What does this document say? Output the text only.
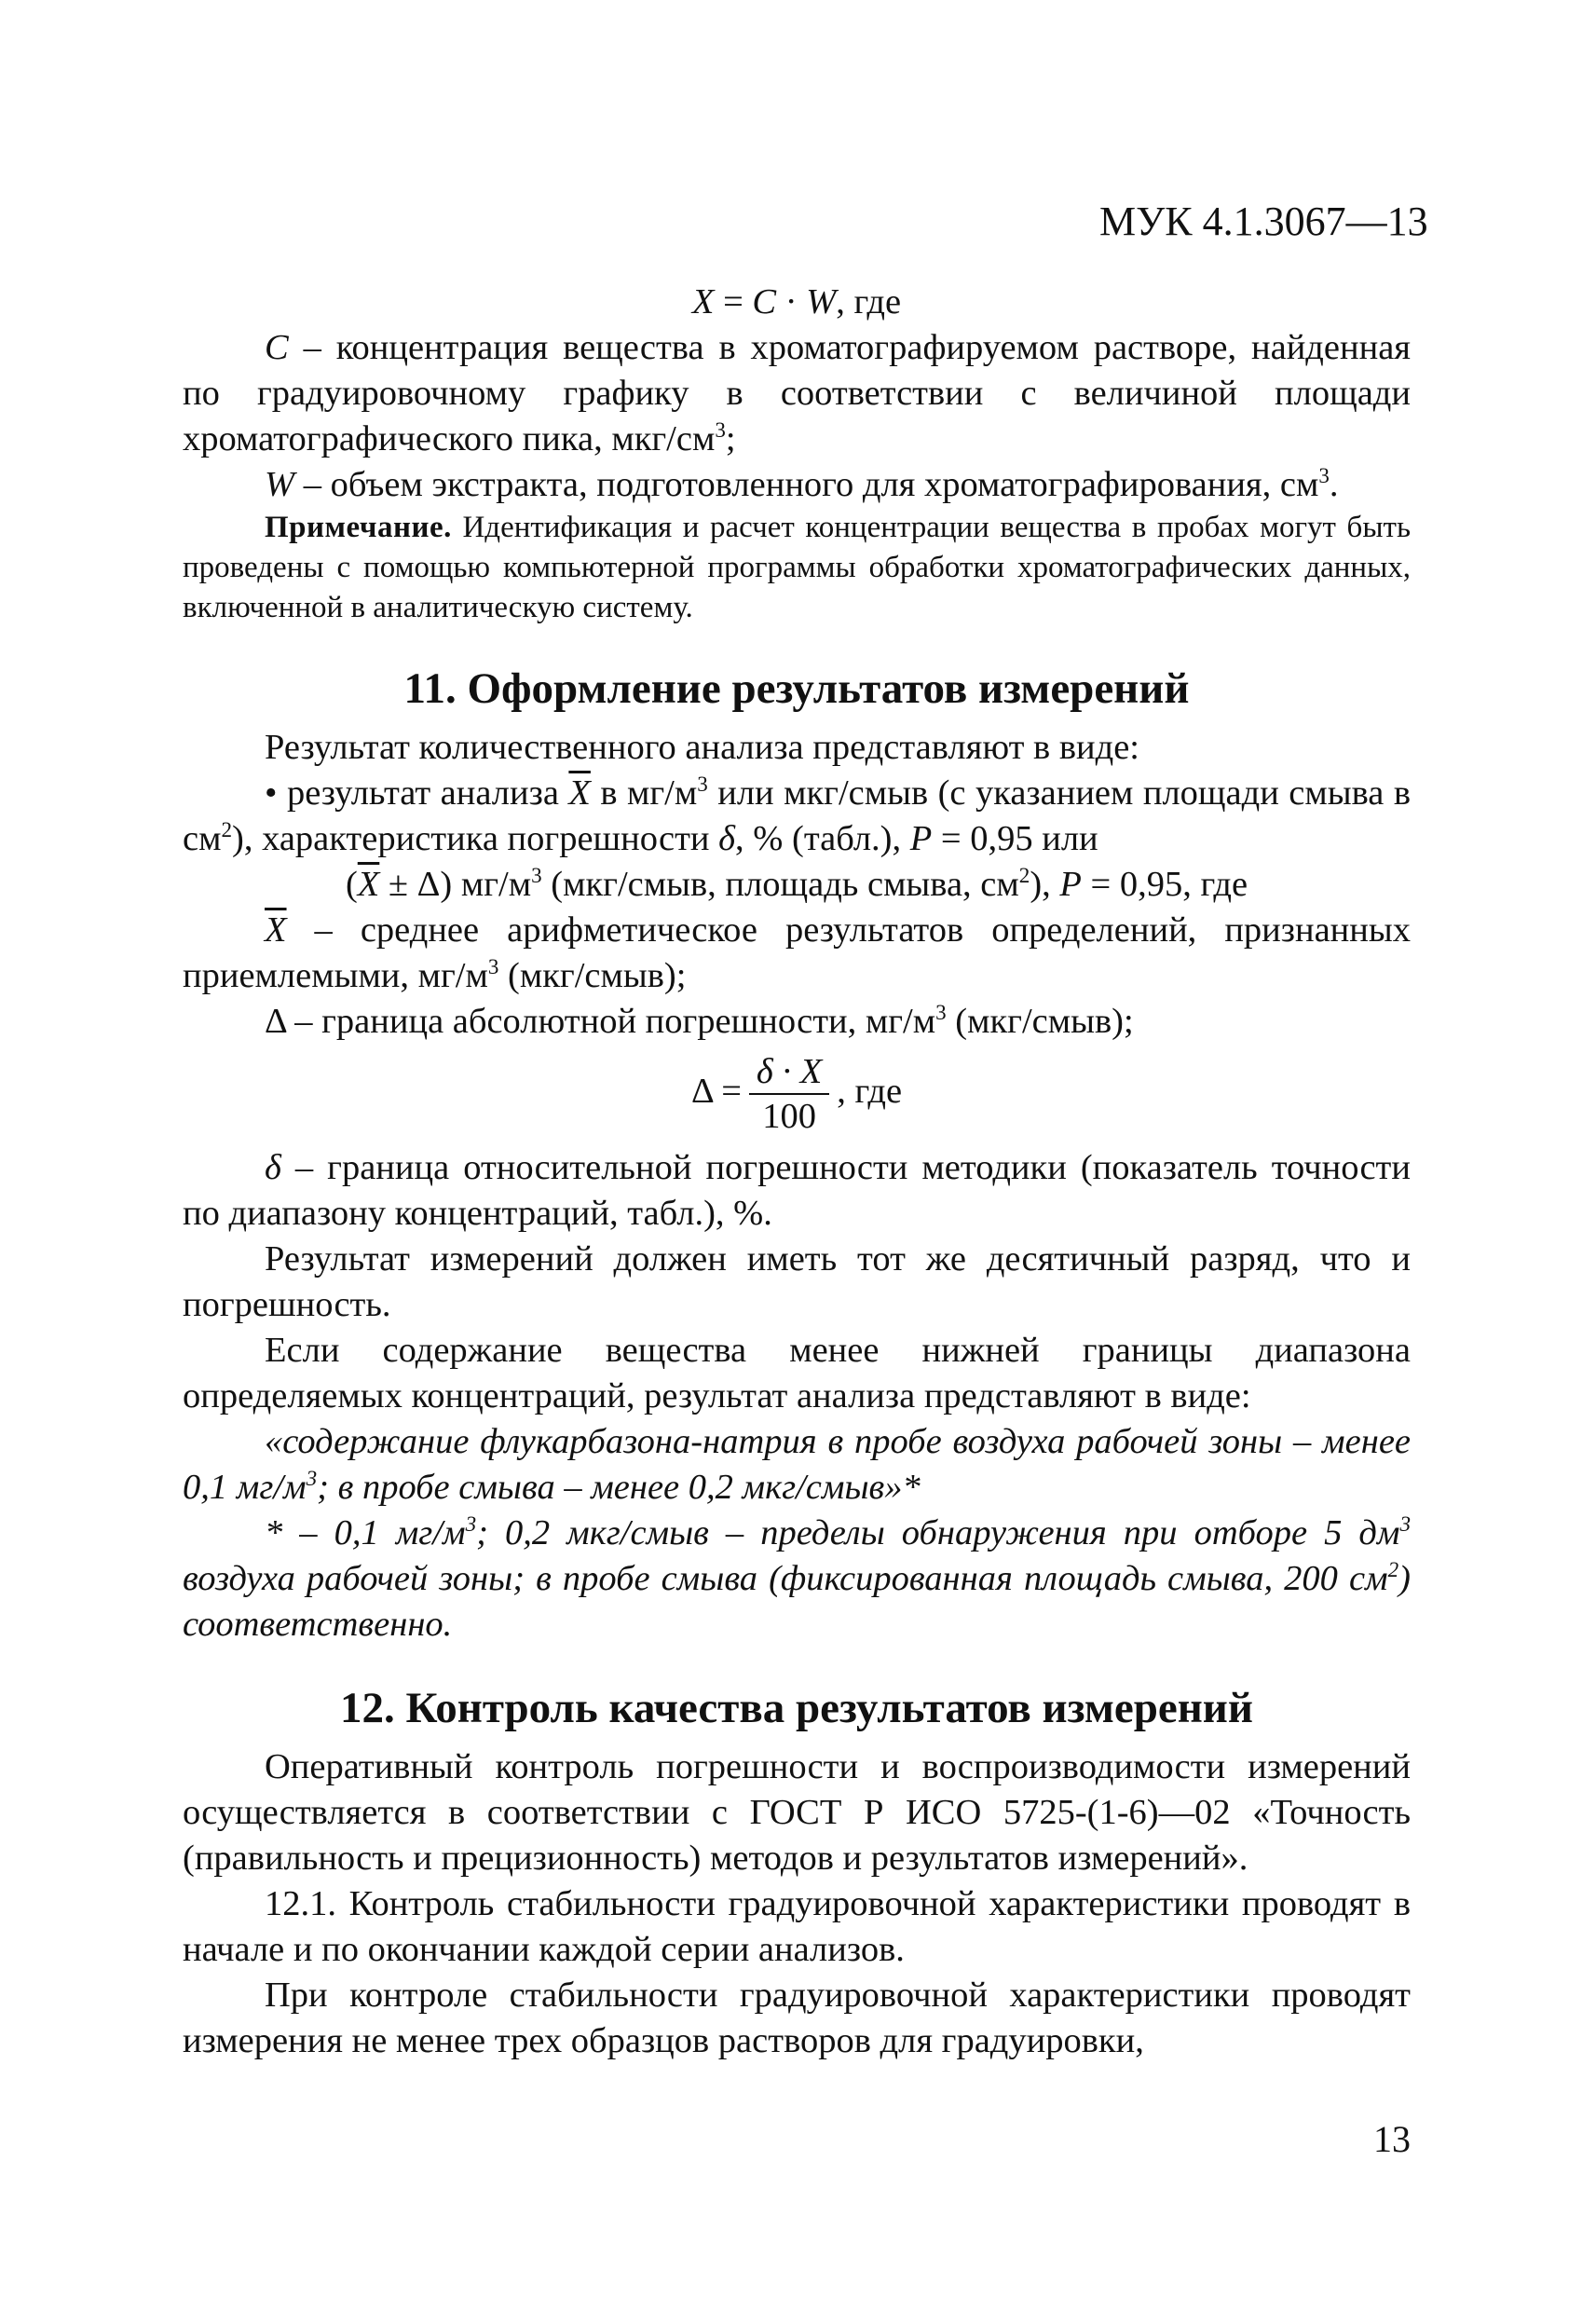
МУК 4.1.3067—13

X = C · W, где

C – концентрация вещества в хроматографируемом растворе, найденная по градуировочному графику в соответствии с величиной площади хроматографического пика, мкг/$см^3$;

W – объем экстракта, подготовленного для хроматографирования, $см^3$.

Примечание. Идентификация и расчет концентрации вещества в пробах могут быть проведены с помощью компьютерной программы обработки хроматографических данных, включенной в аналитическую систему.

11. Оформление результатов измерений

Результат количественного анализа представляют в виде:

• результат анализа $\overline{X}$ в $мг/м^3$ или мкг/смыв (с указанием площади смыва в $см^2$), характеристика погрешности δ, % (табл.), P = 0,95 или

$(\overline{X} \pm \Delta)$ $мг/м^3$ (мкг/смыв, площадь смыва, $см^2$), P = 0,95, где

$\overline{X}$ – среднее арифметическое результатов определений, признанных приемлемыми, $мг/м^3$ (мкг/смыв);

Δ – граница абсолютной погрешности, $мг/м^3$ (мкг/смыв);

$\Delta = \frac{\delta \cdot X}{100}$ , где

δ – граница относительной погрешности методики (показатель точности по диапазону концентраций, табл.), %.

Результат измерений должен иметь тот же десятичный разряд, что и погрешность.

Если содержание вещества менее нижней границы диапазона определяемых концентраций, результат анализа представляют в виде:

«содержание флукарбазона-натрия в пробе воздуха рабочей зоны – менее 0,1 $мг/м^3$; в пробе смыва – менее 0,2 мкг/смыв»*

* – 0,1 $мг/м^3$; 0,2 мкг/смыв – пределы обнаружения при отборе 5 $дм^3$ воздуха рабочей зоны; в пробе смыва (фиксированная площадь смыва, 200 $см^2$) соответственно.

12. Контроль качества результатов измерений

Оперативный контроль погрешности и воспроизводимости измерений осуществляется в соответствии с ГОСТ Р ИСО 5725-(1-6)—02 «Точность (правильность и прецизионность) методов и результатов измерений».

12.1. Контроль стабильности градуировочной характеристики проводят в начале и по окончании каждой серии анализов.

При контроле стабильности градуировочной характеристики проводят измерения не менее трех образцов растворов для градуировки,

13
